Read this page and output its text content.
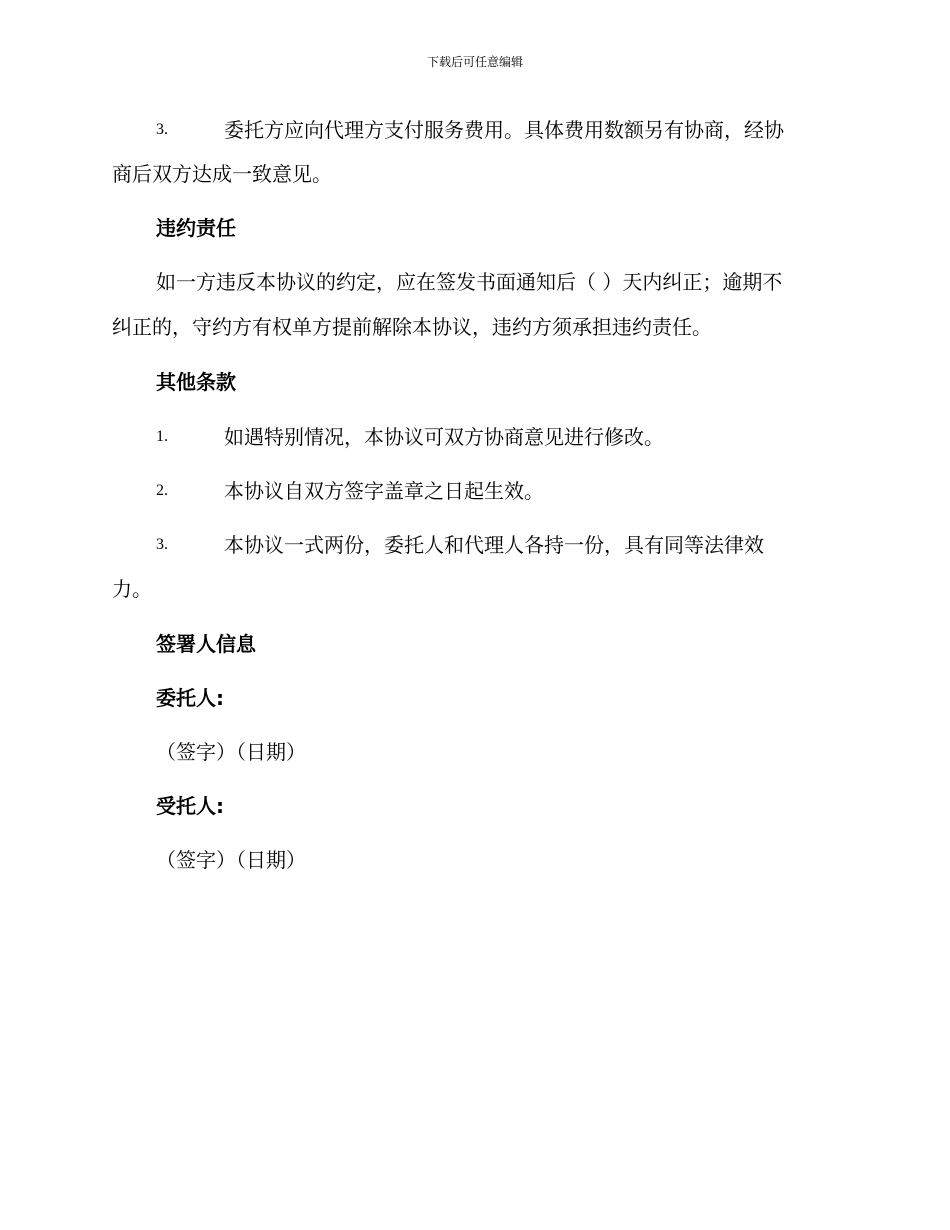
下载后可任意编辑
3.	委托方应向代理方支付服务费用。具体费用数额另有协商，经协
商后双方达成一致意见。
违约责任
如一方违反本协议的约定，应在签发书面通知后（ ）天内纠正；逾期不
纠正的，守约方有权单方提前解除本协议，违约方须承担违约责任。
其他条款
1.	如遇特别情况，本协议可双方协商意见进行修改。
2.	本协议自双方签字盖章之日起生效。
3.	本协议一式两份，委托人和代理人各持一份，具有同等法律效
力。
签署人信息
委托人:
（签字）（日期）
受托人:
（签字）（日期）
